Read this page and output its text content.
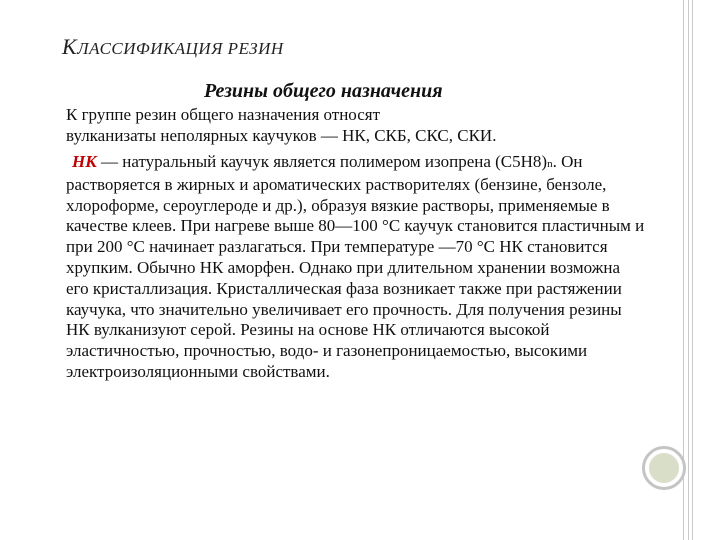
КЛАССИФИКАЦИЯ РЕЗИН
Резины общего назначения

К группе резин общего назначения относят
вулканизаты неполярных каучуков — НК, СКБ, СКС, СКИ.

НК — натуральный каучук является полимером изопрена (C5H8)n. Он растворяется в жирных и ароматических растворителях (бензине, бензоле, хлороформе, сероуглероде и др.), образуя вязкие растворы, применяемые в качестве клеев. При нагреве выше 80—100 °С каучук становится пластичным и при 200 °С начинает разлагаться. При температуре —70 °С НК становится хрупким. Обычно НК аморфен. Однако при длительном хранении возможна его кристаллизация. Кристаллическая фаза возникает также при растяжении каучука, что значительно увеличивает его прочность. Для получения резины НК вулканизуют серой. Резины на основе НК отличаются высокой эластичностью, прочностью, водо- и газонепроницаемостью, высокими электроизоляционными свойствами.
